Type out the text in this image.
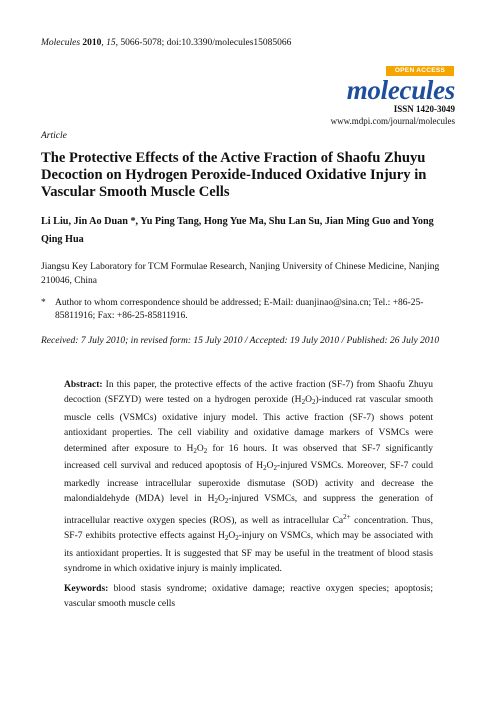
Molecules 2010, 15, 5066-5078; doi:10.3390/molecules15085066
OPEN ACCESS
molecules
ISSN 1420-3049
www.mdpi.com/journal/molecules
Article
The Protective Effects of the Active Fraction of Shaofu Zhuyu Decoction on Hydrogen Peroxide-Induced Oxidative Injury in Vascular Smooth Muscle Cells
Li Liu, Jin Ao Duan *, Yu Ping Tang, Hong Yue Ma, Shu Lan Su, Jian Ming Guo and Yong Qing Hua
Jiangsu Key Laboratory for TCM Formulae Research, Nanjing University of Chinese Medicine, Nanjing 210046, China
* Author to whom correspondence should be addressed; E-Mail: duanjinao@sina.cn; Tel.: +86-25-85811916; Fax: +86-25-85811916.
Received: 7 July 2010; in revised form: 15 July 2010 / Accepted: 19 July 2010 / Published: 26 July 2010
Abstract: In this paper, the protective effects of the active fraction (SF-7) from Shaofu Zhuyu decoction (SFZYD) were tested on a hydrogen peroxide $(H_2O_2)$-induced rat vascular smooth muscle cells (VSMCs) oxidative injury model. This active fraction (SF-7) shows potent antioxidant properties. The cell viability and oxidative damage markers of VSMCs were determined after exposure to $H_2O_2$ for 16 hours. It was observed that SF-7 significantly increased cell survival and reduced apoptosis of $H_2O_2$-injured VSMCs. Moreover, SF-7 could markedly increase intracellular superoxide dismutase (SOD) activity and decrease the malondialdehyde (MDA) level in $H_2O_2$-injured VSMCs, and suppress the generation of intracellular reactive oxygen species (ROS), as well as intracellular $Ca^{2+}$ concentration. Thus, SF-7 exhibits protective effects against $H_2O_2$-injury on VSMCs, which may be associated with its antioxidant properties. It is suggested that SF may be useful in the treatment of blood stasis syndrome in which oxidative injury is mainly implicated.
Keywords: blood stasis syndrome; oxidative damage; reactive oxygen species; apoptosis; vascular smooth muscle cells
